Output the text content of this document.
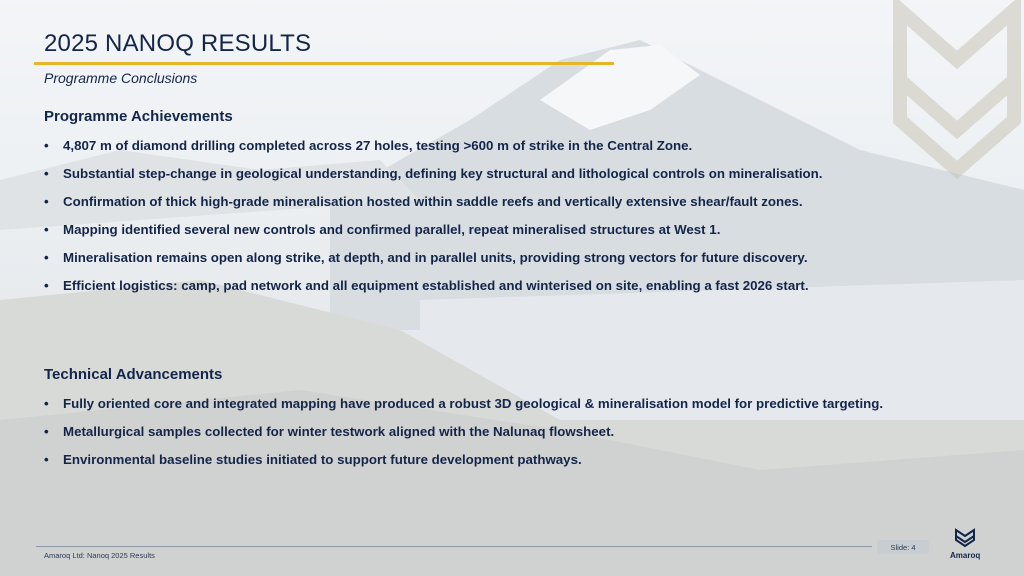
2025 NANOQ RESULTS
Programme Conclusions
Programme Achievements
• 4,807 m of diamond drilling completed across 27 holes, testing >600 m of strike in the Central Zone.
• Substantial step-change in geological understanding, defining key structural and lithological controls on mineralisation.
• Confirmation of thick high-grade mineralisation hosted within saddle reefs and vertically extensive shear/fault zones.
• Mapping identified several new controls and confirmed parallel, repeat mineralised structures at West 1.
• Mineralisation remains open along strike, at depth, and in parallel units, providing strong vectors for future discovery.
• Efficient logistics: camp, pad network and all equipment established and winterised on site, enabling a fast 2026 start.
Technical Advancements
• Fully oriented core and integrated mapping have produced a robust 3D geological & mineralisation model for predictive targeting.
• Metallurgical samples collected for winter testwork aligned with the Nalunaq flowsheet.
• Environmental baseline studies initiated to support future development pathways.
Amaroq Ltd: Nanoq 2025 Results
Slide: 4
Amaroq
